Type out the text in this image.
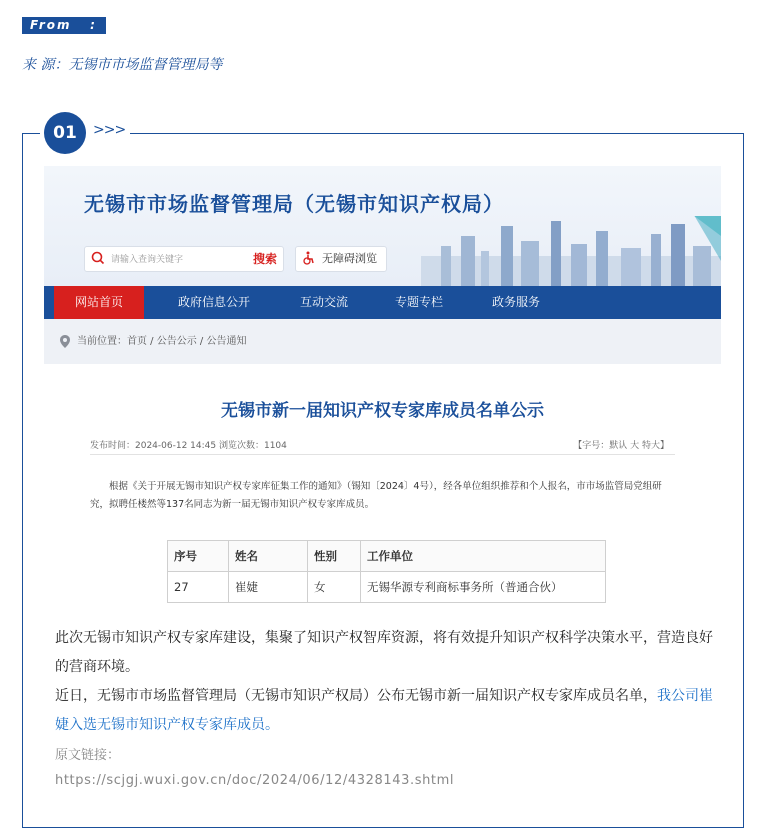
From   :
来 源：无锡市市场监督管理局等
01	>>>
无锡市市场监督管理局（无锡市知识产权局）
请输入查询关键字	搜索	无障碍浏览
网站首页	政府信息公开	互动交流	专题专栏	政务服务
当前位置：首页 / 公告公示 / 公告通知
无锡市新一届知识产权专家库成员名单公示
发布时间：2024-06-12 14:45 浏览次数：1104	【字号：默认 大 特大】
根据《关于开展无锡市知识产权专家库征集工作的通知》（锡知〔2024〕4号），经各单位组织推荐和个人报名，市市场监管局党组研究，拟聘任楼然等137名同志为新一届无锡市知识产权专家库成员。
序号	姓名	性别	工作单位
27	崔婕	女	无锡华源专利商标事务所（普通合伙）
此次无锡市知识产权专家库建设，集聚了知识产权智库资源，将有效提升知识产权科学决策水平，营造良好的营商环境。
近日，无锡市市场监督管理局（无锡市知识产权局）公布无锡市新一届知识产权专家库成员名单，我公司崔婕入选无锡市知识产权专家库成员。
原文链接：
https://scjgj.wuxi.gov.cn/doc/2024/06/12/4328143.shtml
